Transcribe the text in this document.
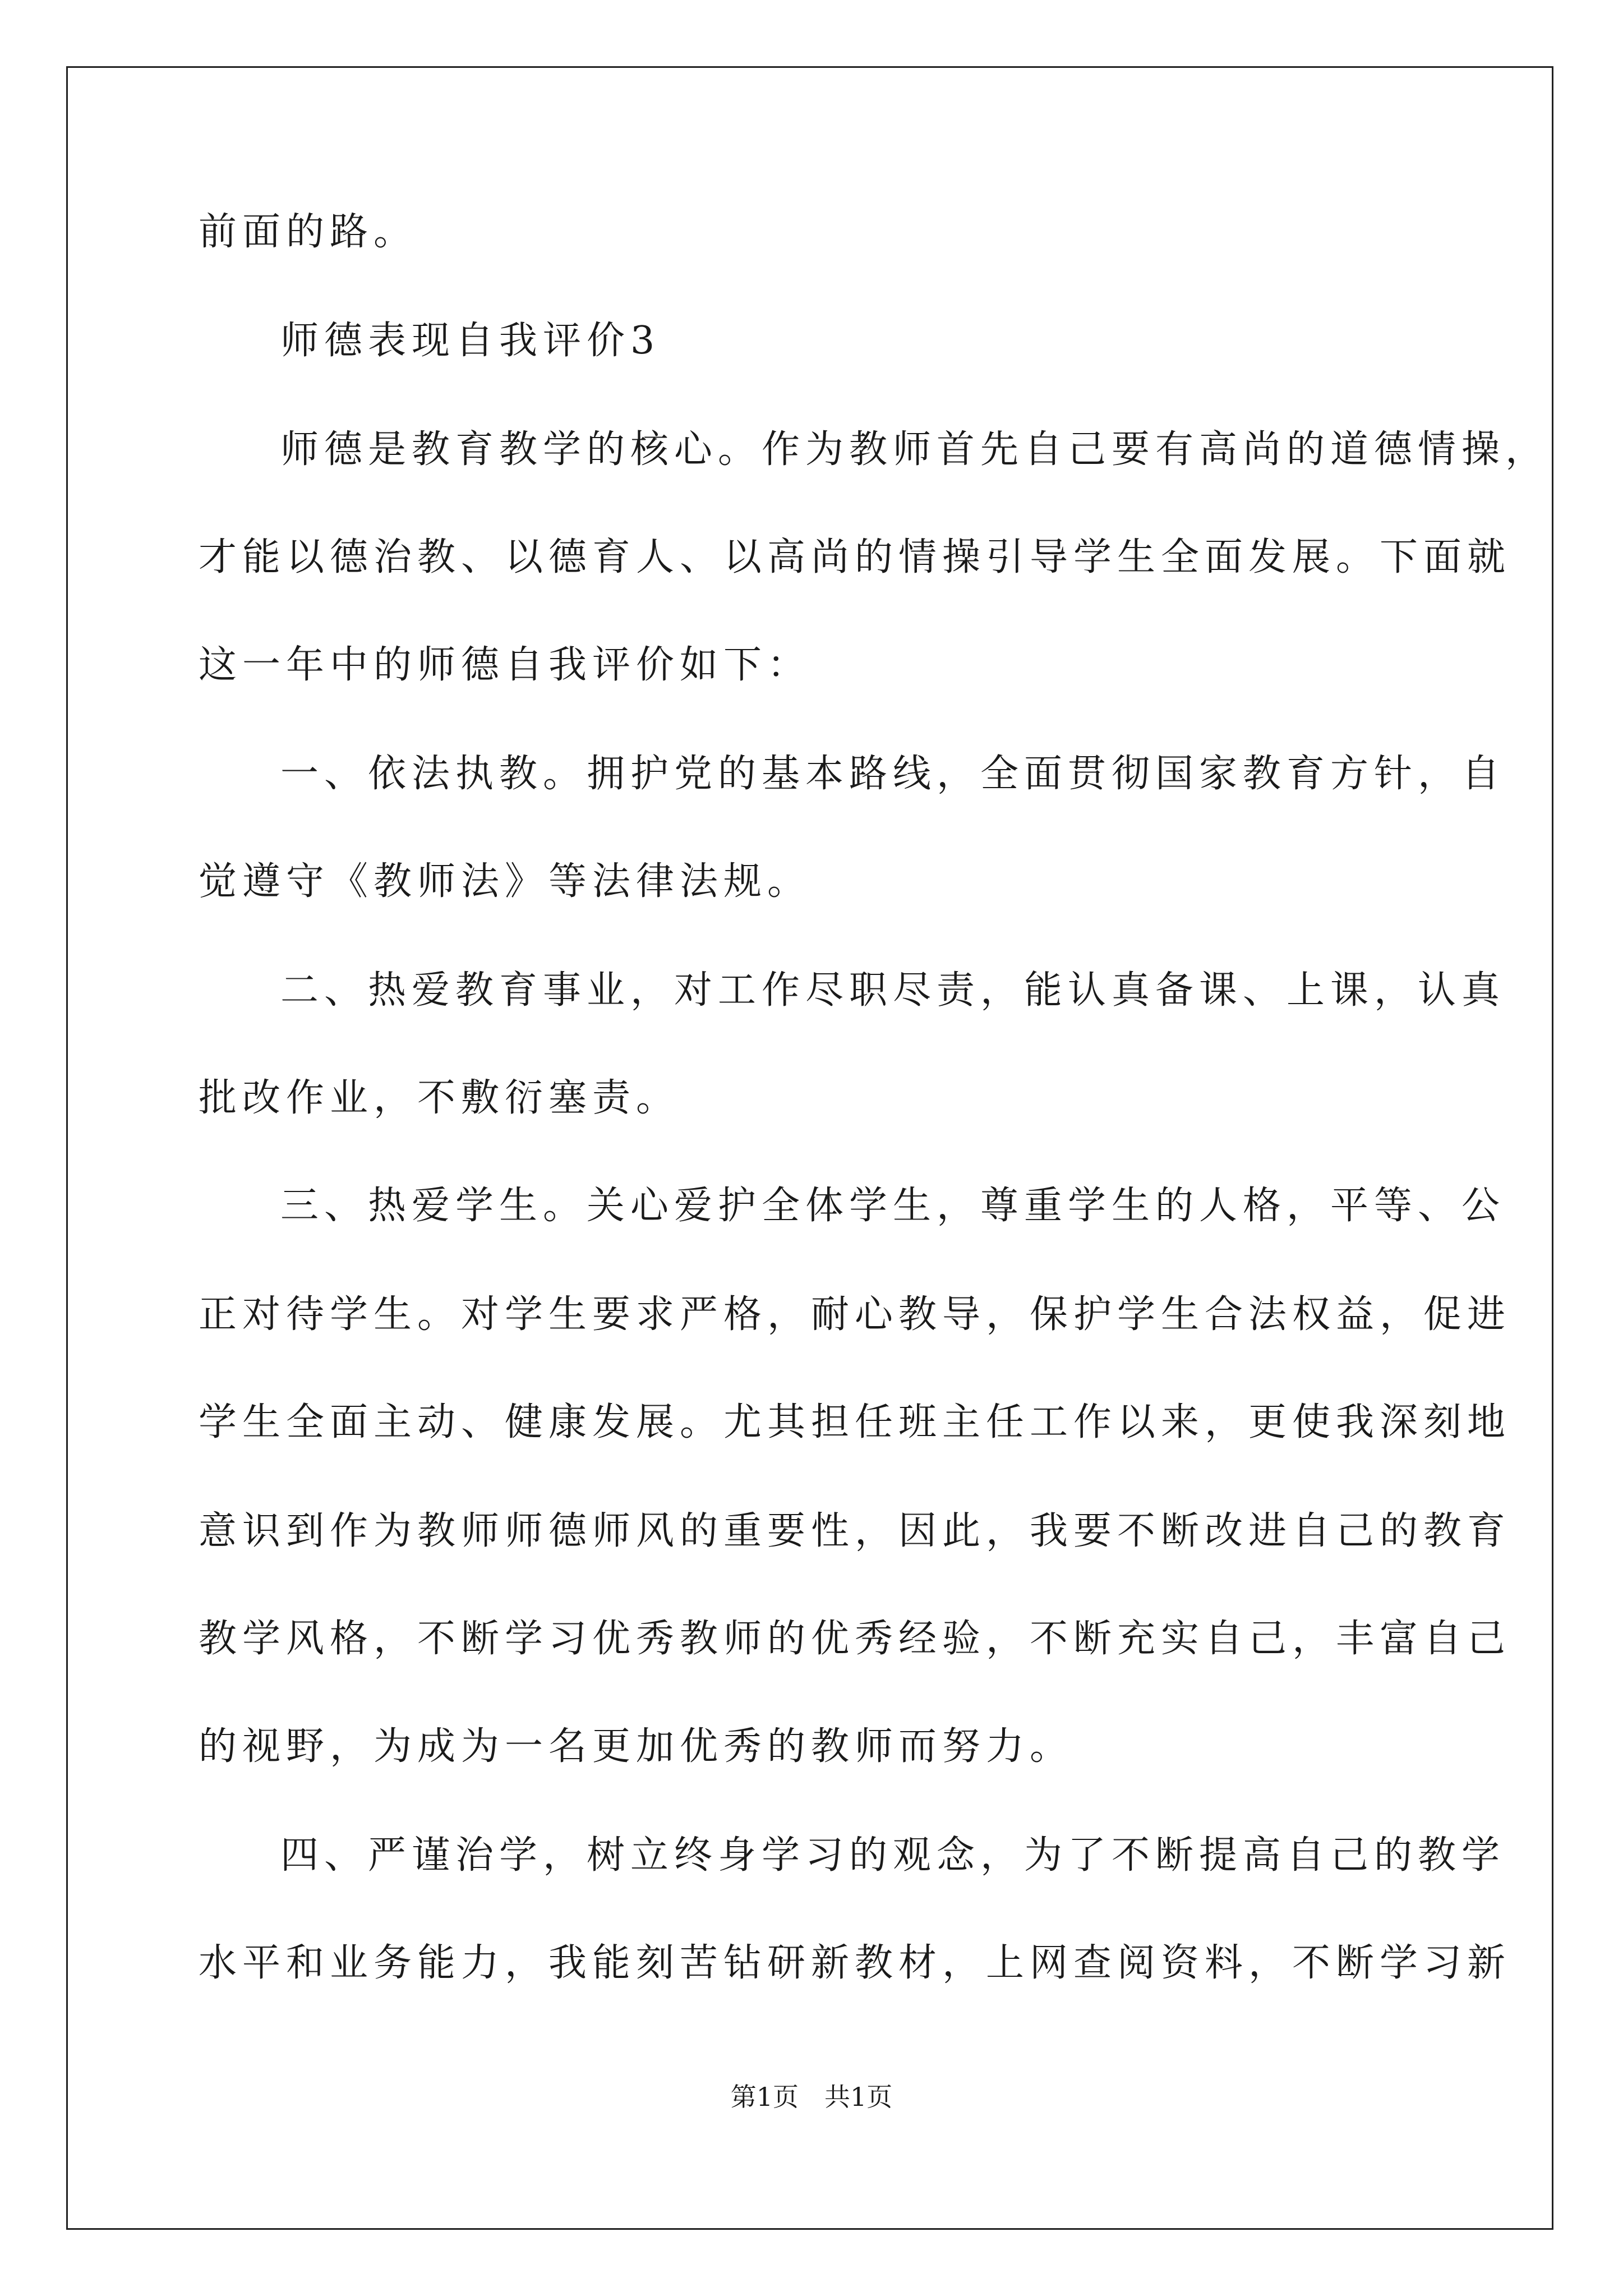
前面的路。
师德表现自我评价3
师德是教育教学的核心。作为教师首先自己要有高尚的道德情操，
才能以德治教、以德育人、以高尚的情操引导学生全面发展。下面就
这一年中的师德自我评价如下：
一、依法执教。拥护党的基本路线，全面贯彻国家教育方针，自
觉遵守《教师法》等法律法规。
二、热爱教育事业，对工作尽职尽责，能认真备课、上课，认真
批改作业，不敷衍塞责。
三、热爱学生。关心爱护全体学生，尊重学生的人格，平等、公
正对待学生。对学生要求严格，耐心教导，保护学生合法权益，促进
学生全面主动、健康发展。尤其担任班主任工作以来，更使我深刻地
意识到作为教师师德师风的重要性，因此，我要不断改进自己的教育
教学风格，不断学习优秀教师的优秀经验，不断充实自己，丰富自己
的视野，为成为一名更加优秀的教师而努力。
四、严谨治学，树立终身学习的观念，为了不断提高自己的教学
水平和业务能力，我能刻苦钻研新教材，上网查阅资料，不断学习新
第1页　共1页
